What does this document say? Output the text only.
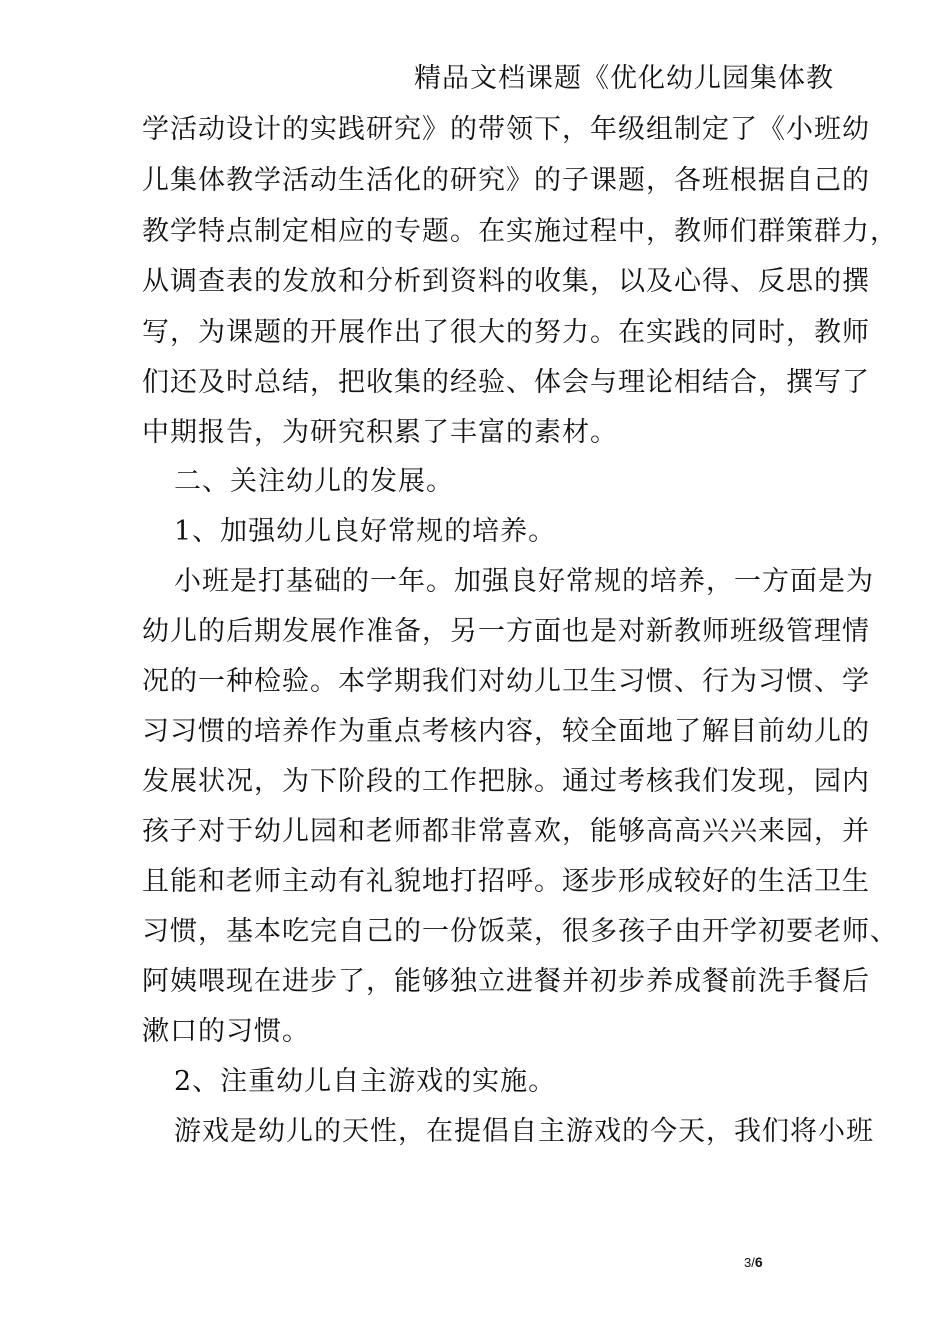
精品文档课题《优化幼儿园集体教
学活动设计的实践研究》的带领下，年级组制定了《小班幼
儿集体教学活动生活化的研究》的子课题，各班根据自己的
教学特点制定相应的专题。在实施过程中，教师们群策群力，
从调查表的发放和分析到资料的收集，以及心得、反思的撰
写，为课题的开展作出了很大的努力。在实践的同时，教师
们还及时总结，把收集的经验、体会与理论相结合，撰写了
中期报告，为研究积累了丰富的素材。
二、关注幼儿的发展。
1、加强幼儿良好常规的培养。
小班是打基础的一年。加强良好常规的培养，一方面是为
幼儿的后期发展作准备，另一方面也是对新教师班级管理情
况的一种检验。本学期我们对幼儿卫生习惯、行为习惯、学
习习惯的培养作为重点考核内容，较全面地了解目前幼儿的
发展状况，为下阶段的工作把脉。通过考核我们发现，园内
孩子对于幼儿园和老师都非常喜欢，能够高高兴兴来园，并
且能和老师主动有礼貌地打招呼。逐步形成较好的生活卫生
习惯，基本吃完自己的一份饭菜，很多孩子由开学初要老师、
阿姨喂现在进步了，能够独立进餐并初步养成餐前洗手餐后
漱口的习惯。
2、注重幼儿自主游戏的实施。
游戏是幼儿的天性，在提倡自主游戏的今天，我们将小班
3/6
